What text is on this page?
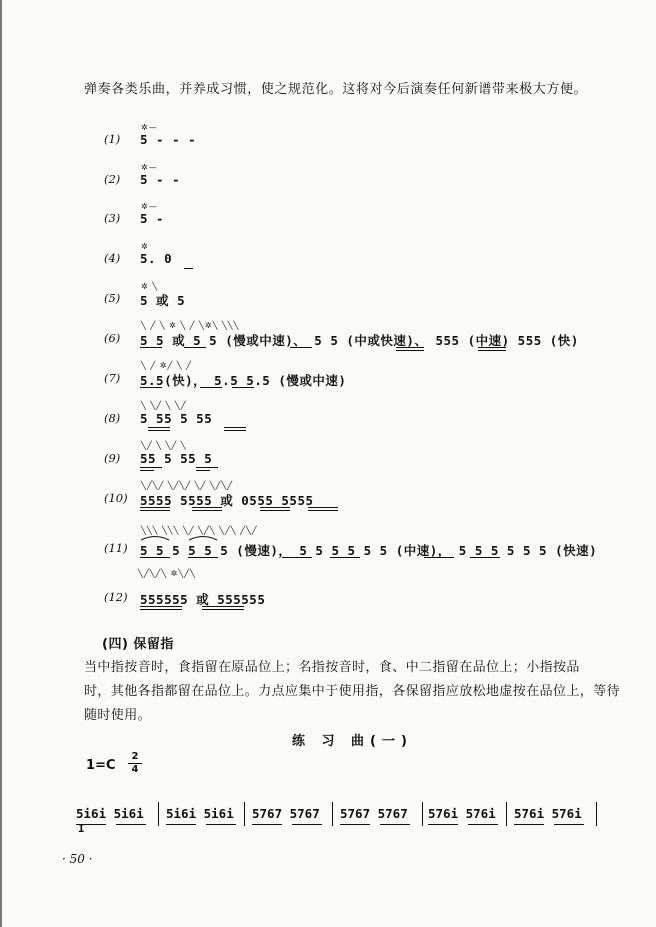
弹奏各类乐曲，并养成习惯，使之规范化。这将对今后演奏任何新谱带来极大方便。
(1)
✲—
5 - - -
(2)
✲—
5 - -
(3)
✲—
5 -
(4)
✲
5. 0
(5)
✲ ╲
5 或 5
(6)
╲ ╱ ╲ ✲ ╲ ╱ ╲✲╲ ╲╲╲
5 5 或 5 5 (慢或中速)、 5 5 (中或快速)、 555 (中速) 555 (快)
(7)
╲ ╱ ✲╱ ╲ ╱
5.5(快)， 5.5 5.5 (慢或中速)
(8)
╲ ╲╱ ╲ ╲╱
5 55 5 55
(9)
╲╱ ╲ ╲╱ ╲
55 5 55 5
(10)
╲╱╲╱ ╲╱╲╱ ╲╱ ╲╱╲╱
5555 5555 或 0555 5555
(11)
╲╲╲ ╲╲╲ ╲╱ ╲╱╲ ╲╱╲ ╱╲╱
5 5 5 5 5 5 (慢速)， 5 5 5 5 5 5 (中速)， 5 5 5 5 5 5 (快速)
(12)
╲╱╲╱╲ ✲╲╱╲
555555 或 555555
(四) 保留指
当中指按音时，食指留在原品位上；名指按音时，食、中二指留在品位上；小指按品
时，其他各指都留在品位上。力点应集中于使用指，各保留指应放松地虚按在品位上，等待
随时使用。
练 习 曲(一)
1=C
2
4
I
5i6i 5i6i 5i6i 5i6i 5767 5767 5767 5767 576i 576i 576i 576i
· 50 ·
